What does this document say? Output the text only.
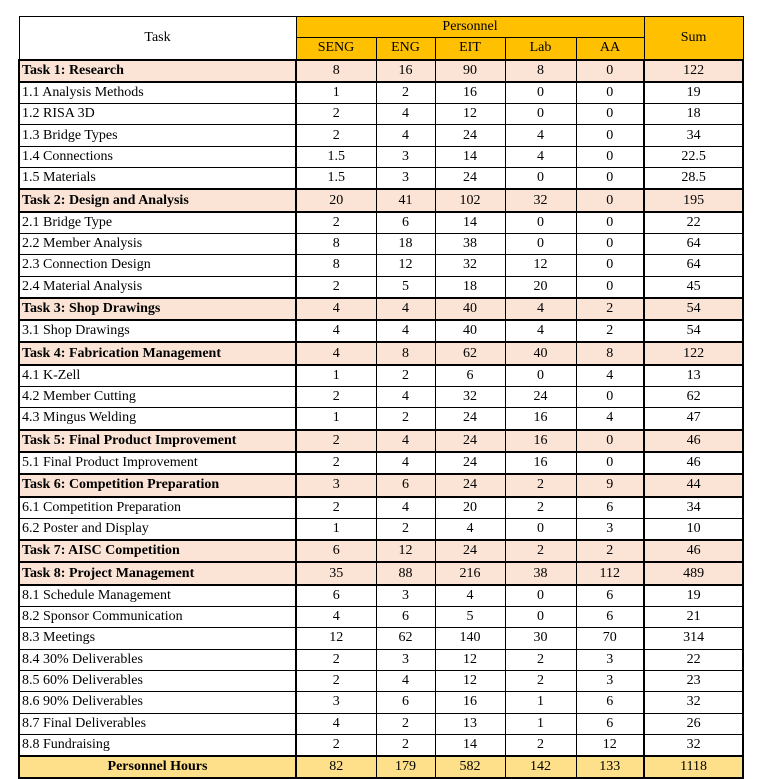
Task	Personnel					Sum
	SENG	ENG	EIT	Lab	AA	
Task 1: Research	8	16	90	8	0	122
1.1 Analysis Methods	1	2	16	0	0	19
1.2 RISA 3D	2	4	12	0	0	18
1.3 Bridge Types	2	4	24	4	0	34
1.4 Connections	1.5	3	14	4	0	22.5
1.5 Materials	1.5	3	24	0	0	28.5
Task 2: Design and Analysis	20	41	102	32	0	195
2.1 Bridge Type	2	6	14	0	0	22
2.2 Member Analysis	8	18	38	0	0	64
2.3 Connection Design	8	12	32	12	0	64
2.4 Material Analysis	2	5	18	20	0	45
Task 3: Shop Drawings	4	4	40	4	2	54
3.1 Shop Drawings	4	4	40	4	2	54
Task 4: Fabrication Management	4	8	62	40	8	122
4.1 K-Zell	1	2	6	0	4	13
4.2 Member Cutting	2	4	32	24	0	62
4.3 Mingus Welding	1	2	24	16	4	47
Task 5: Final Product Improvement	2	4	24	16	0	46
5.1 Final Product Improvement	2	4	24	16	0	46
Task 6: Competition Preparation	3	6	24	2	9	44
6.1 Competition Preparation	2	4	20	2	6	34
6.2 Poster and Display	1	2	4	0	3	10
Task 7: AISC Competition	6	12	24	2	2	46
Task 8: Project Management	35	88	216	38	112	489
8.1 Schedule Management	6	3	4	0	6	19
8.2 Sponsor Communication	4	6	5	0	6	21
8.3 Meetings	12	62	140	30	70	314
8.4 30% Deliverables	2	3	12	2	3	22
8.5 60% Deliverables	2	4	12	2	3	23
8.6 90% Deliverables	3	6	16	1	6	32
8.7 Final Deliverables	4	2	13	1	6	26
8.8 Fundraising	2	2	14	2	12	32
Personnel Hours	82	179	582	142	133	1118
